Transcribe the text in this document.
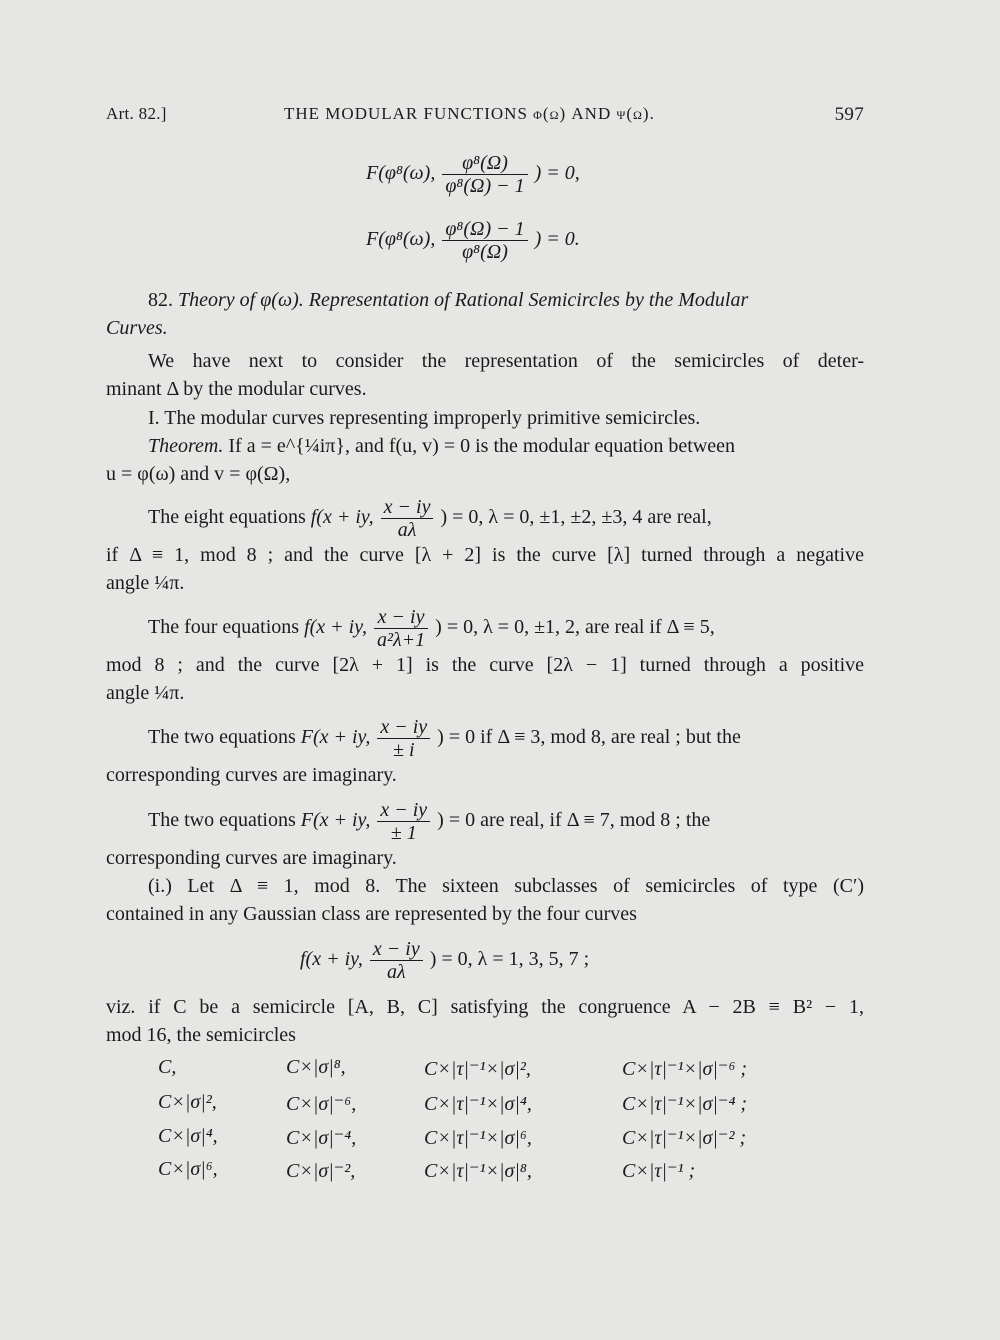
Art. 82.]	THE MODULAR FUNCTIONS φ(ω) AND ψ(ω).	597
F(φ⁸(ω), $\frac{\text{φ⁸(Ω)}}{\text{φ⁸(Ω) − 1}}$ ) = 0,
F(φ⁸(ω), $\frac{\text{φ⁸(Ω) − 1}}{\text{φ⁸(Ω)}}$ ) = 0.
82. Theory of φ(ω). Representation of Rational Semicircles by the Modular
Curves.
We have next to consider the representation of the semicircles of deter-
minant Δ by the modular curves.
I. The modular curves representing improperly primitive semicircles.
Theorem. If a = e^{¼iπ}, and f(u, v) = 0 is the modular equation between
u = φ(ω) and v = φ(Ω),
The eight equations f(x + iy, $\frac{x - iy}{a\lambda}$ ) = 0, λ = 0, ±1, ±2, ±3, 4 are real,
if Δ ≡ 1, mod 8 ; and the curve [λ + 2] is the curve [λ] turned through a negative
angle ¼π.
The four equations f(x + iy, $\frac{x - iy}{\text{a²λ+1}}$ ) = 0, λ = 0, ±1, 2, are real if Δ ≡ 5,
mod 8 ; and the curve [2λ + 1] is the curve [2λ − 1] turned through a positive
angle ¼π.
The two equations F(x + iy, $\frac{x - iy}{\pm i}$ ) = 0 if Δ ≡ 3, mod 8, are real ; but the
corresponding curves are imaginary.
The two equations F(x + iy, $\frac{x - iy}{\pm 1}$ ) = 0 are real, if Δ ≡ 7, mod 8 ; the
corresponding curves are imaginary.
(i.) Let Δ ≡ 1, mod 8. The sixteen subclasses of semicircles of type (C′)
contained in any Gaussian class are represented by the four curves
f(x + iy, $\frac{x - iy}{a\lambda}$ ) = 0, λ = 1, 3, 5, 7 ;
viz. if C be a semicircle [A, B, C] satisfying the congruence A − 2B ≡ B² − 1,
mod 16, the semicircles
C,	C×|σ|⁸,	C×|τ|⁻¹×|σ|²,	C×|τ|⁻¹×|σ|⁻⁶ ;
C×|σ|²,	C×|σ|⁻⁶,	C×|τ|⁻¹×|σ|⁴,	C×|τ|⁻¹×|σ|⁻⁴ ;
C×|σ|⁴,	C×|σ|⁻⁴,	C×|τ|⁻¹×|σ|⁶,	C×|τ|⁻¹×|σ|⁻² ;
C×|σ|⁶,	C×|σ|⁻²,	C×|τ|⁻¹×|σ|⁸,	C×|τ|⁻¹ ;
